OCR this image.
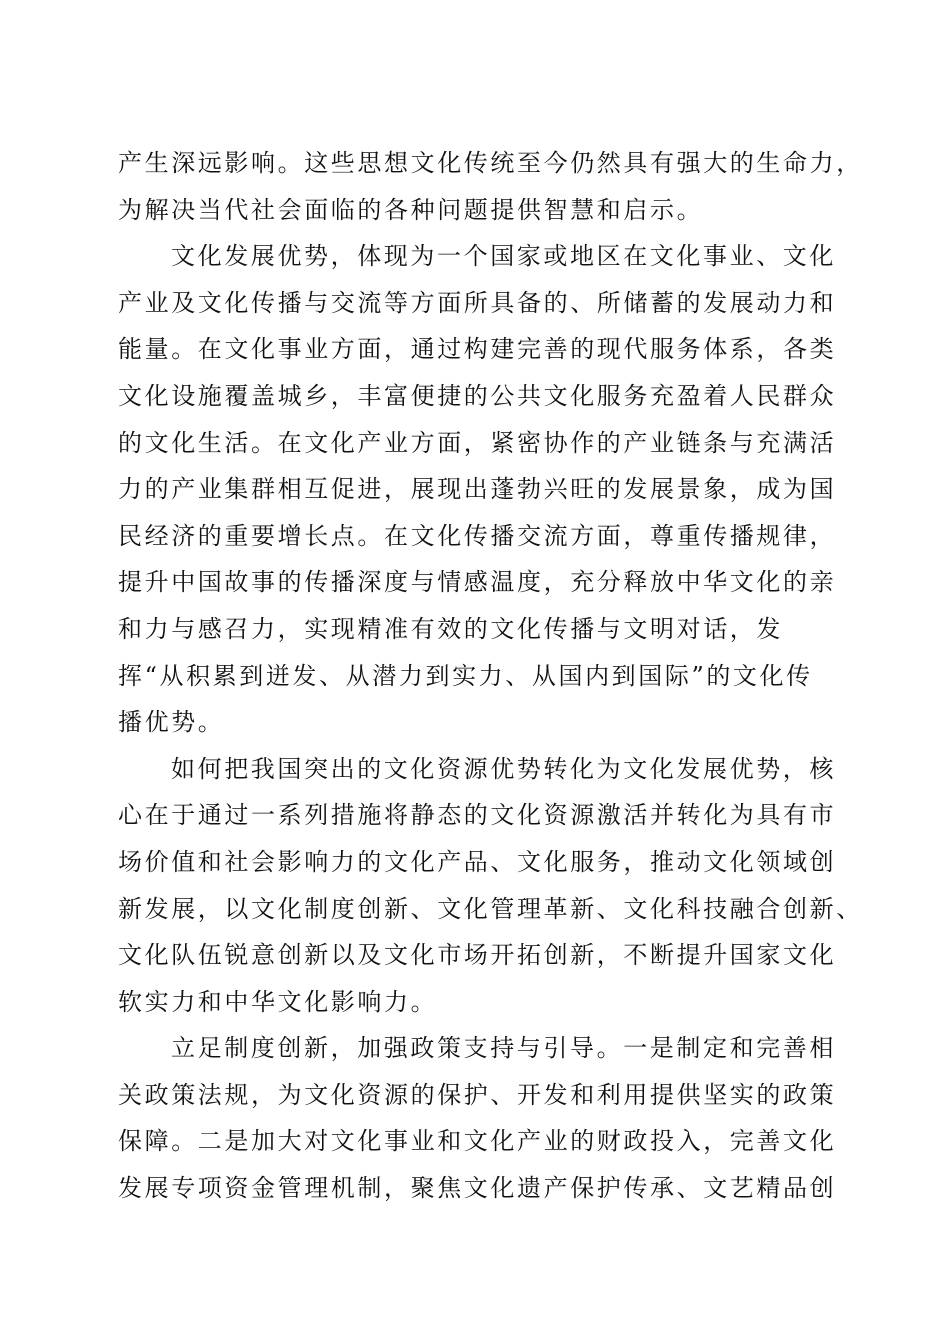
产生深远影响。这些思想文化传统至今仍然具有强大的生命力，
为解决当代社会面临的各种问题提供智慧和启示。
文化发展优势，体现为一个国家或地区在文化事业、文化
产业及文化传播与交流等方面所具备的、所储蓄的发展动力和
能量。在文化事业方面，通过构建完善的现代服务体系，各类
文化设施覆盖城乡，丰富便捷的公共文化服务充盈着人民群众
的文化生活。在文化产业方面，紧密协作的产业链条与充满活
力的产业集群相互促进，展现出蓬勃兴旺的发展景象，成为国
民经济的重要增长点。在文化传播交流方面，尊重传播规律，
提升中国故事的传播深度与情感温度，充分释放中华文化的亲
和力与感召力，实现精准有效的文化传播与文明对话，发
挥“从积累到迸发、从潜力到实力、从国内到国际”的文化传
播优势。
如何把我国突出的文化资源优势转化为文化发展优势，核
心在于通过一系列措施将静态的文化资源激活并转化为具有市
场价值和社会影响力的文化产品、文化服务，推动文化领域创
新发展，以文化制度创新、文化管理革新、文化科技融合创新、
文化队伍锐意创新以及文化市场开拓创新，不断提升国家文化
软实力和中华文化影响力。
立足制度创新，加强政策支持与引导。一是制定和完善相
关政策法规，为文化资源的保护、开发和利用提供坚实的政策
保障。二是加大对文化事业和文化产业的财政投入，完善文化
发展专项资金管理机制，聚焦文化遗产保护传承、文艺精品创
